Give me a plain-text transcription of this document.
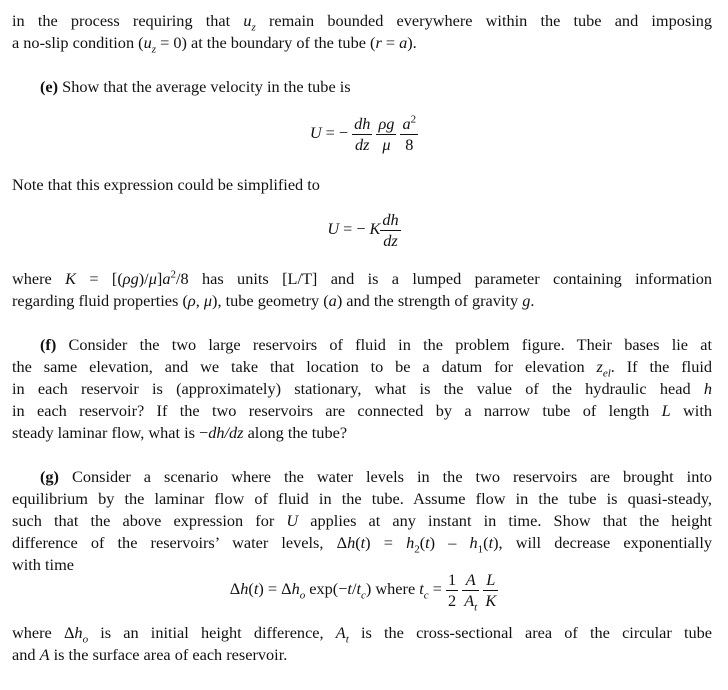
in the process requiring that $u_z$ remain bounded everywhere within the tube and imposing
a no-slip condition $(u_z = 0)$ at the boundary of the tube (r = a).
(e) Show that the average velocity in the tube is
U = − $\frac{dh}{dz}$
$\frac{\rho g}{\mu}$
$\frac{a^2}{8}$
Note that this expression could be simplified to
U = − K $\frac{dh}{dz}$
where $K = [(\rho g)/\mu]a^2/8$ has units [L/T] and is a lumped parameter containing information
regarding fluid properties (ρ, μ), tube geometry (a) and the strength of gravity g.
(f) Consider the two large reservoirs of fluid in the problem figure. Their bases lie at
the same elevation, and we take that location to be a datum for elevation $z_{el}$. If the fluid
in each reservoir is (approximately) stationary, what is the value of the hydraulic head h
in each reservoir? If the two reservoirs are connected by a narrow tube of length L with
steady laminar flow, what is −dh/dz along the tube?
(g) Consider a scenario where the water levels in the two reservoirs are brought into
equilibrium by the laminar flow of fluid in the tube. Assume flow in the tube is quasi-steady,
such that the above expression for U applies at any instant in time. Show that the height
difference of the reservoirs’ water levels, $\Delta h(t) = h_2(t) - h_1(t)$, will decrease exponentially
with time
$\Delta h(t) = \Delta h_o$ $\exp(-t/t_c)$ where $t_c = \frac{1}{2}$
$\frac{A}{A_t}$
$\frac{L}{K}$
where $\Delta h_o$ is an initial height difference, $A_t$ is the cross-sectional area of the circular tube
and A is the surface area of each reservoir.
